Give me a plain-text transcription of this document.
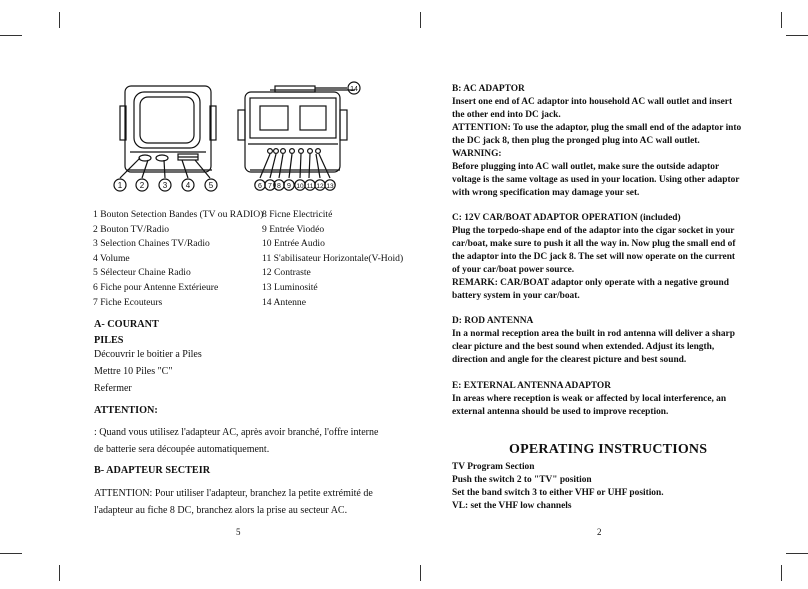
1 2 3 4 5	6 7 8 9 10 11 12 13
14
1 Bouton Setection Bandes (TV ou RADIO)
2 Bouton TV/Radio
3 Selection Chaines TV/Radio
4 Volume
5 Sélecteur Chaine Radio
6 Fiche pour Antenne Extérieure
7 Fiche Ecouteurs
8 Ficne Electricité
9 Entrée Viodéo
10 Entrée Audio
11 S'abilisateur Horizontale(V-Hoid)
12 Contraste
13 Luminosité
14 Antenne
A- COURANT
PILES
Découvrir le boitier a Piles
Mettre 10 Piles "C"
Refermer
ATTENTION:
: Quand vous utilisez l'adapteur AC, après avoir branché, l'offre interne
de batterie sera découpée automatiquement.
B- ADAPTEUR SECTEIR
ATTENTION: Pour utiliser l'adapteur, branchez la petite extrémité de
l'adapteur au fiche 8 DC, branchez alors la prise au secteur AC.
5
B: AC ADAPTOR
Insert one end of AC adaptor into household AC wall outlet and insert
the other end into DC jack.
ATTENTION: To use the adaptor, plug the small end of the adaptor into
the DC jack 8, then plug the pronged plug into AC wall outlet.
WARNING:
Before plugging into AC wall outlet, make sure the outside adaptor
voltage is the same voltage as used in your location. Using other adaptor
with wrong specification may damage your set.
C: 12V CAR/BOAT ADAPTOR OPERATION (included)
Plug the torpedo-shape end of the adaptor into the cigar socket in your
car/boat, make sure to push it all the way in. Now plug the small end of
the adaptor into the DC jack 8. The set will now operate on the current
of your car/boat power source.
REMARK: CAR/BOAT adaptor only operate with a negative ground
battery system in your car/boat.
D: ROD ANTENNA
In a normal reception area the built in rod antenna will deliver a sharp
clear picture and the best sound when extended. Adjust its length,
direction and angle for the clearest picture and best sound.
E: EXTERNAL ANTENNA ADAPTOR
In areas where reception is weak or affected by local interference, an
external antenna should be used to improve reception.
OPERATING INSTRUCTIONS
TV Program Section
Push the switch 2 to "TV" position
Set the band switch 3 to either VHF or UHF position.
VL: set the VHF low channels
2
